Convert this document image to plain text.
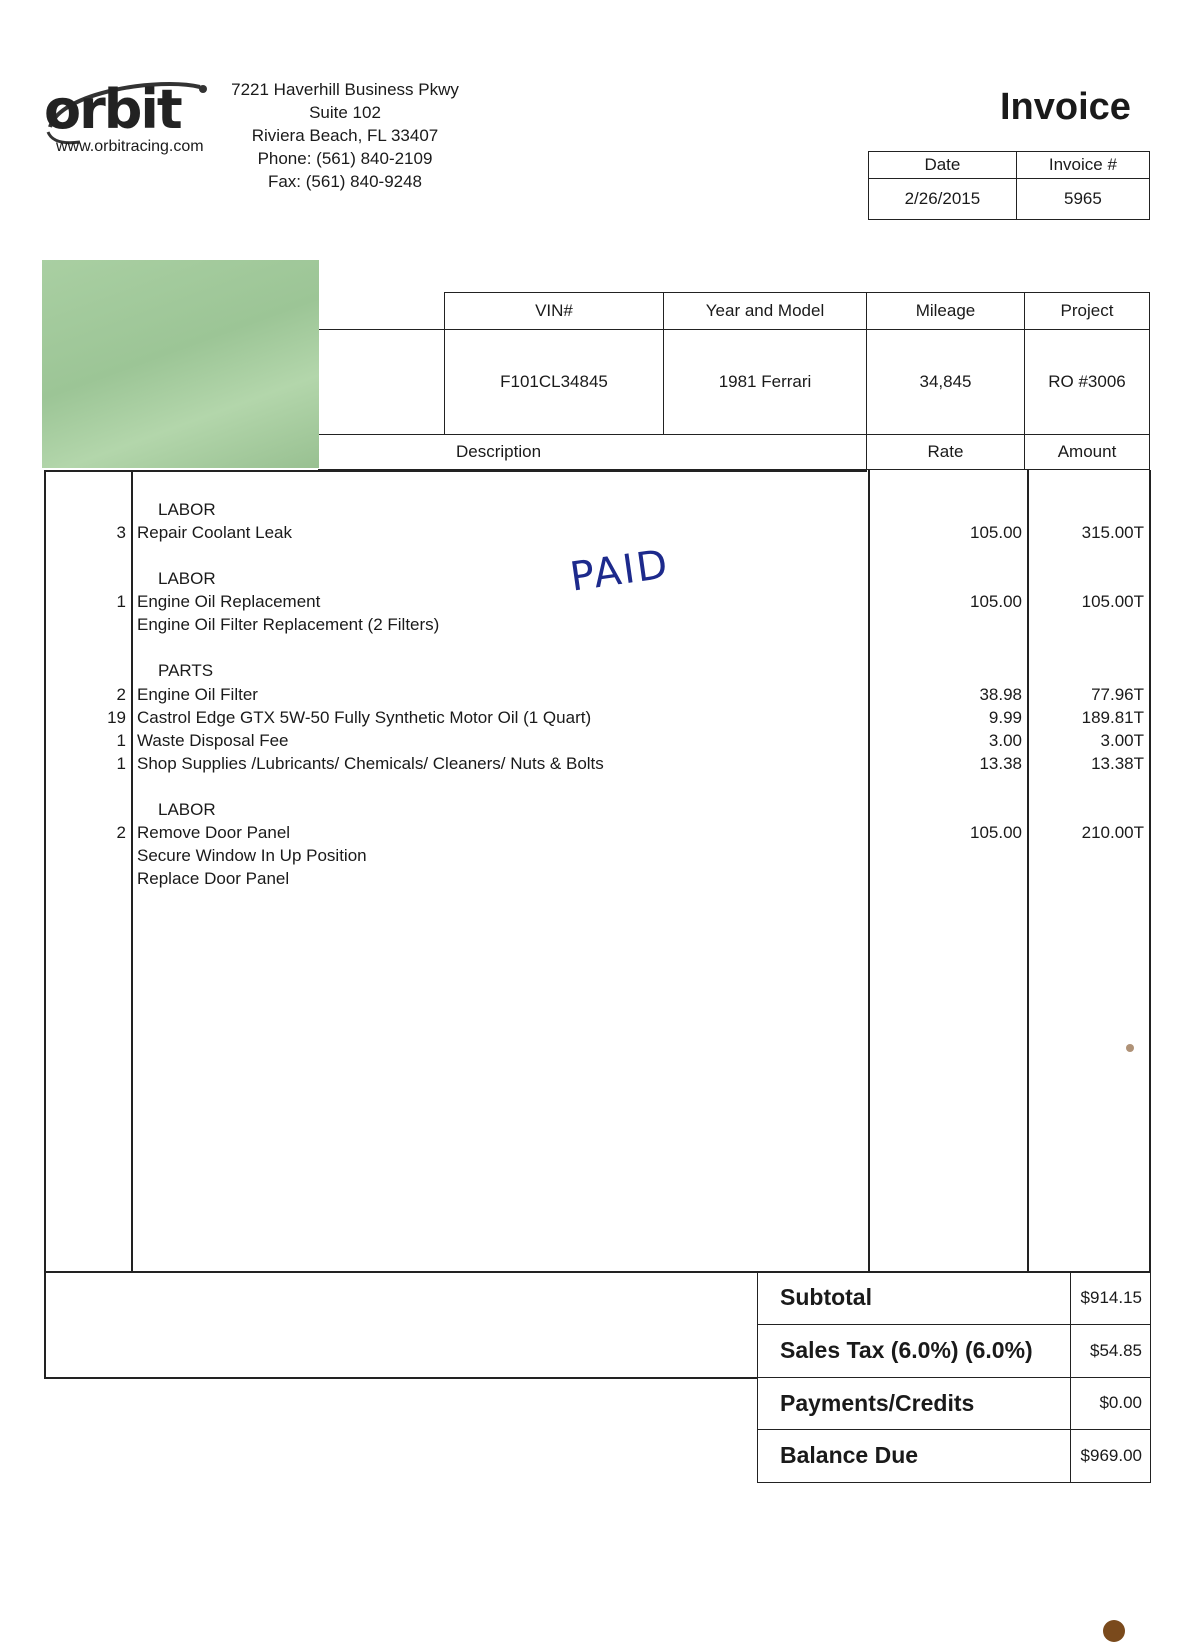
orbit
www.orbitracing.com
7221 Haverhill Business Pkwy
Suite 102
Riviera Beach, FL 33407
Phone: (561) 840-2109
Fax: (561) 840-9248
Invoice
Date	Invoice #
2/26/2015	5965
	VIN#	Year and Model	Mileage	Project
	F101CL34845	1981 Ferrari	34,845	RO #3006
Description			Rate	Amount
LABOR
3 Repair Coolant Leak	105.00	315.00T
LABOR
1 Engine Oil Replacement	105.00	105.00T
Engine Oil Filter Replacement (2 Filters)
PARTS
2 Engine Oil Filter	38.98	77.96T
19 Castrol Edge GTX 5W-50 Fully Synthetic Motor Oil (1 Quart)	9.99	189.81T
1 Waste Disposal Fee	3.00	3.00T
1 Shop Supplies /Lubricants/ Chemicals/ Cleaners/ Nuts & Bolts	13.38	13.38T
LABOR
2 Remove Door Panel	105.00	210.00T
Secure Window In Up Position
Replace Door Panel
PAID
Subtotal	$914.15
Sales Tax (6.0%) (6.0%)	$54.85
Payments/Credits	$0.00
Balance Due	$969.00
